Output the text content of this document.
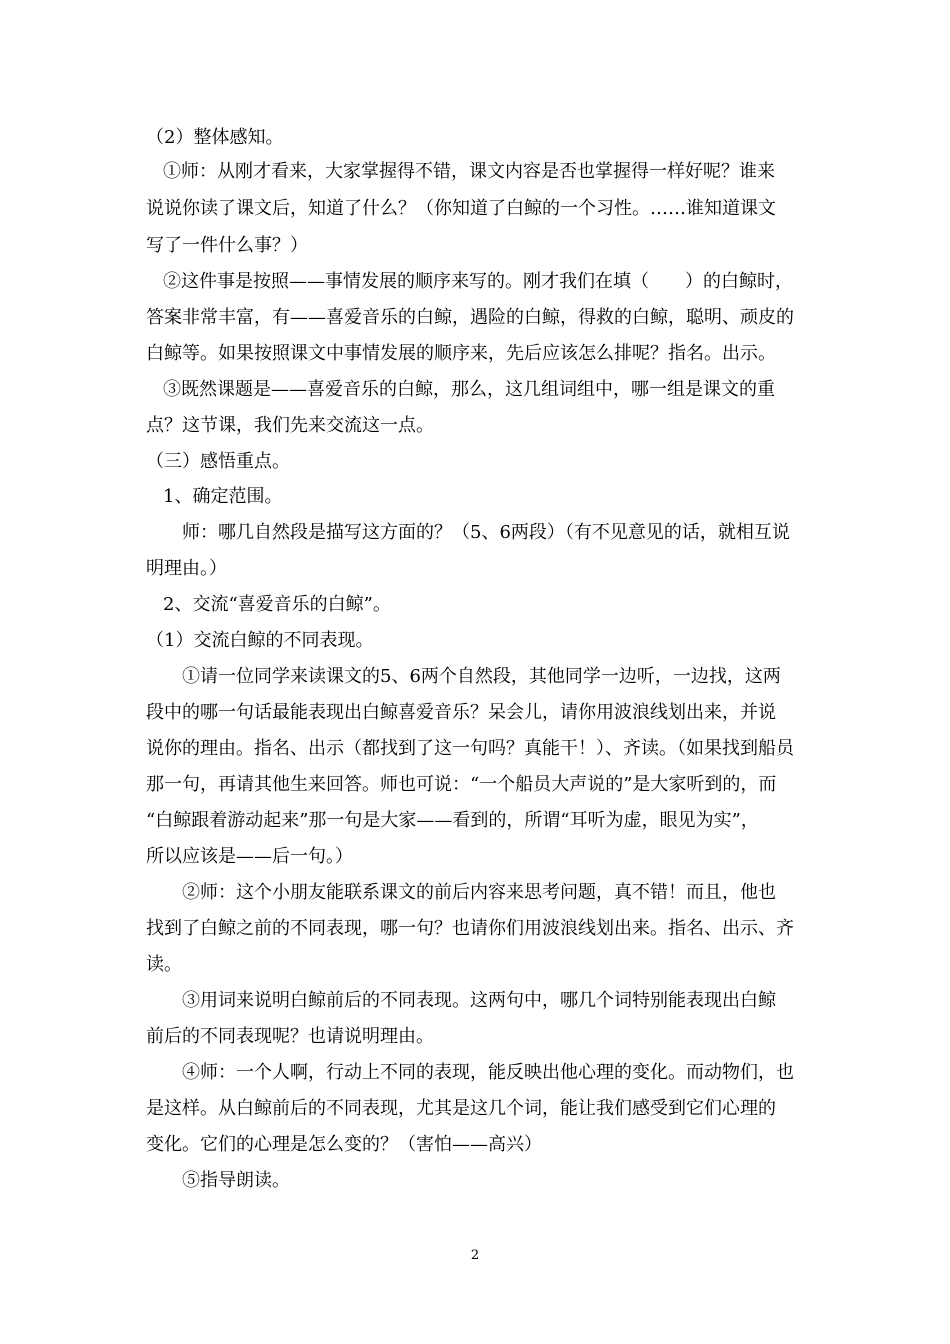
（2）整体感知。
①师：从刚才看来，大家掌握得不错，课文内容是否也掌握得一样好呢？谁来
说说你读了课文后，知道了什么？（你知道了白鲸的一个习性。……谁知道课文
写了一件什么事？）
②这件事是按照——事情发展的顺序来写的。刚才我们在填（　　）的白鲸时，
答案非常丰富，有——喜爱音乐的白鲸，遇险的白鲸，得救的白鲸，聪明、顽皮的
白鲸等。如果按照课文中事情发展的顺序来，先后应该怎么排呢？指名。出示。
③既然课题是——喜爱音乐的白鲸，那么，这几组词组中，哪一组是课文的重
点？这节课，我们先来交流这一点。
（三）感悟重点。
1、确定范围。
师：哪几自然段是描写这方面的？（5、6两段）（有不见意见的话，就相互说
明理由。）
2、交流“喜爱音乐的白鲸”。
（1）交流白鲸的不同表现。
①请一位同学来读课文的5、6两个自然段，其他同学一边听，一边找，这两
段中的哪一句话最能表现出白鲸喜爱音乐？呆会儿，请你用波浪线划出来，并说
说你的理由。指名、出示（都找到了这一句吗？真能干！）、齐读。（如果找到船员
那一句，再请其他生来回答。师也可说：“一个船员大声说的”是大家听到的，而
“白鲸跟着游动起来”那一句是大家——看到的，所谓“耳听为虚，眼见为实”，
所以应该是——后一句。）
②师：这个小朋友能联系课文的前后内容来思考问题，真不错！而且，他也
找到了白鲸之前的不同表现，哪一句？也请你们用波浪线划出来。指名、出示、齐
读。
③用词来说明白鲸前后的不同表现。这两句中，哪几个词特别能表现出白鲸
前后的不同表现呢？也请说明理由。
④师：一个人啊，行动上不同的表现，能反映出他心理的变化。而动物们，也
是这样。从白鲸前后的不同表现，尤其是这几个词，能让我们感受到它们心理的
变化。它们的心理是怎么变的？（害怕——高兴）
⑤指导朗读。
2
